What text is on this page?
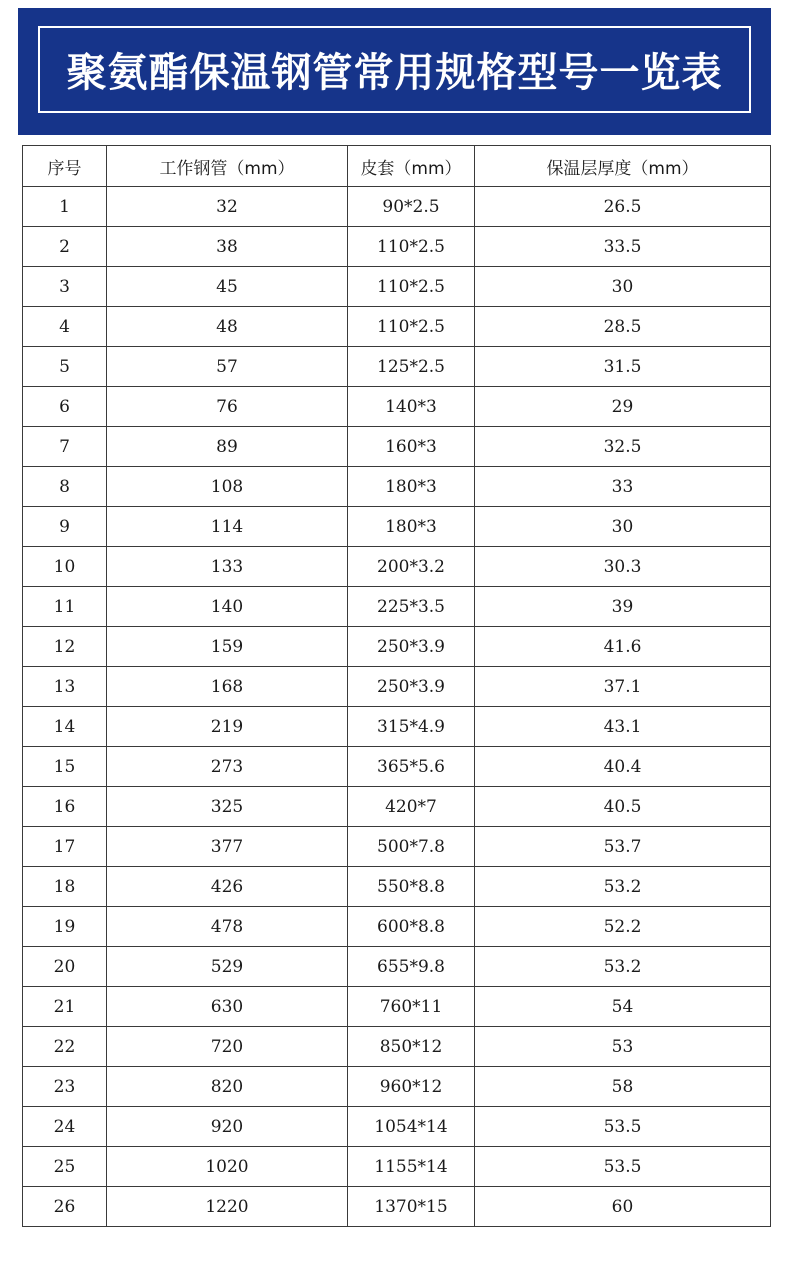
聚氨酯保温钢管常用规格型号一览表
序号	工作钢管（mm）	皮套（mm）	保温层厚度（mm）
1	32	90*2.5	26.5
2	38	110*2.5	33.5
3	45	110*2.5	30
4	48	110*2.5	28.5
5	57	125*2.5	31.5
6	76	140*3	29
7	89	160*3	32.5
8	108	180*3	33
9	114	180*3	30
10	133	200*3.2	30.3
11	140	225*3.5	39
12	159	250*3.9	41.6
13	168	250*3.9	37.1
14	219	315*4.9	43.1
15	273	365*5.6	40.4
16	325	420*7	40.5
17	377	500*7.8	53.7
18	426	550*8.8	53.2
19	478	600*8.8	52.2
20	529	655*9.8	53.2
21	630	760*11	54
22	720	850*12	53
23	820	960*12	58
24	920	1054*14	53.5
25	1020	1155*14	53.5
26	1220	1370*15	60
